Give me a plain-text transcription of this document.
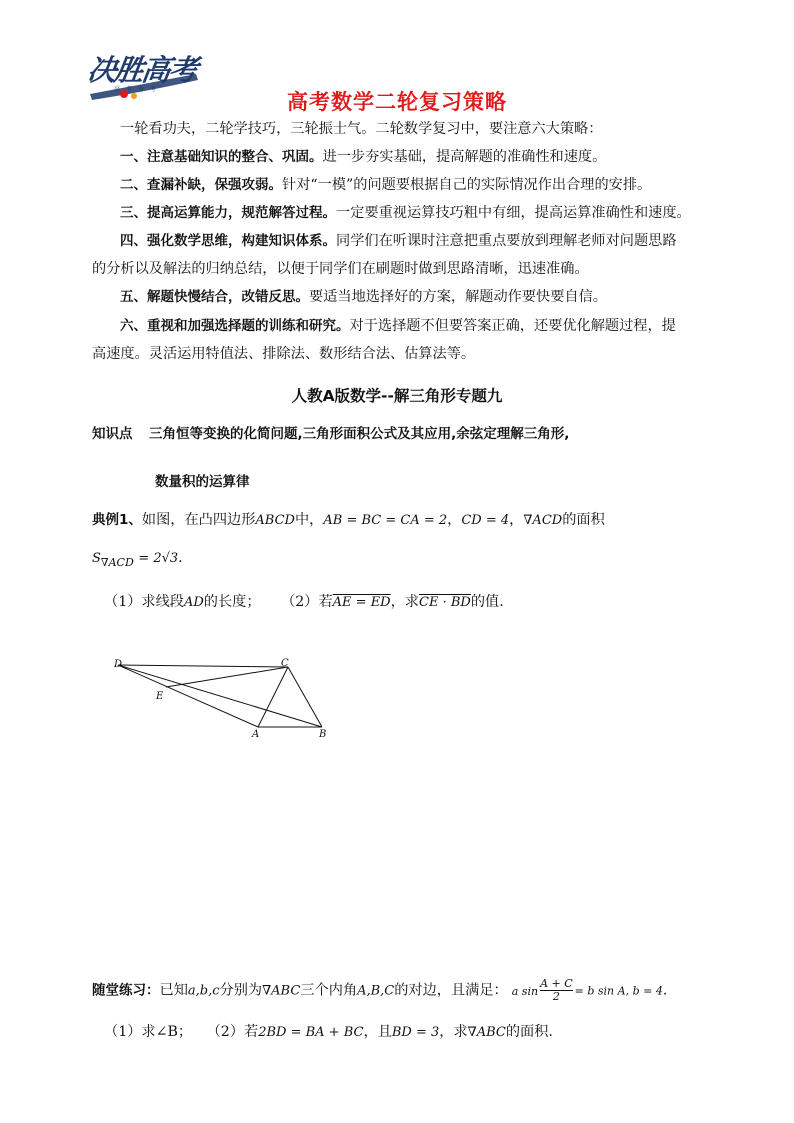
决胜高考
高 考 备 考
高考数学二轮复习策略
一轮看功夫，二轮学技巧，三轮振士气。二轮数学复习中，要注意六大策略：
一、注意基础知识的整合、巩固。进一步夯实基础，提高解题的准确性和速度。
二、查漏补缺，保强攻弱。针对“一模”的问题要根据自己的实际情况作出合理的安排。
三、提高运算能力，规范解答过程。一定要重视运算技巧粗中有细，提高运算准确性和速度。
四、强化数学思维，构建知识体系。同学们在听课时注意把重点要放到理解老师对问题思路
的分析以及解法的归纳总结，以便于同学们在刷题时做到思路清晰，迅速准确。
五、解题快慢结合，改错反思。要适当地选择好的方案，解题动作要快要自信。
六、重视和加强选择题的训练和研究。对于选择题不但要答案正确，还要优化解题过程，提
高速度。灵活运用特值法、排除法、数形结合法、估算法等。
人教A版数学--解三角形专题九
知识点 三角恒等变换的化简问题,三角形面积公式及其应用,余弦定理解三角形,
数量积的运算律
典例1、如图，在凸四边形ABCD中，AB = BC = CA = 2，CD = 4，∇ACD的面积
$S_{\nabla ACD} = 2√3$.
（1）求线段AD的长度； （2）若AE = ED，求CE · BD的值.
D	C
E
A	B
随堂练习：已知a,b,c分别为∇ABC三个内角A,B,C的对边，且满足： a $\sin \frac{A + C}{2} = b$ sin A, b = 4.
（1）求∠B； （2）若2BD = BA + BC，且BD = 3，求∇ABC的面积.
